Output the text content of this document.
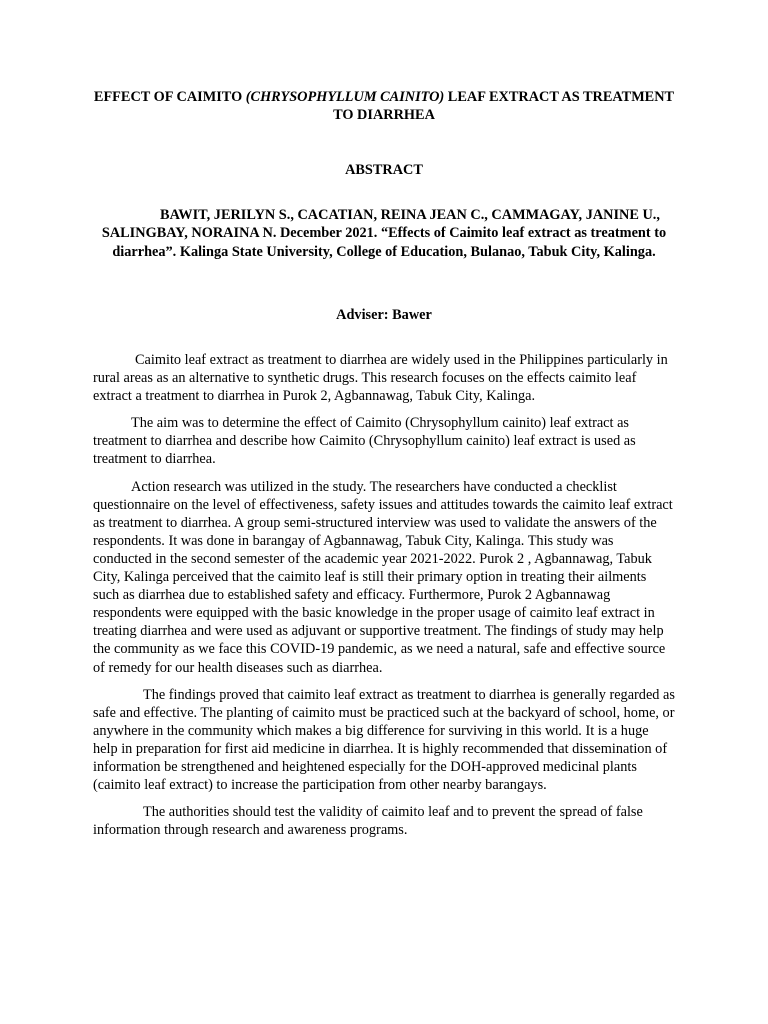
EFFECT OF CAIMITO (CHRYSOPHYLLUM CAINITO) LEAF EXTRACT AS TREATMENT TO DIARRHEA
ABSTRACT

BAWIT, JERILYN S., CACATIAN, REINA JEAN C., CAMMAGAY, JANINE U., SALINGBAY, NORAINA N. December 2021. “Effects of Caimito leaf extract as treatment to diarrhea”. Kalinga State University, College of Education, Bulanao, Tabuk City, Kalinga.

Adviser: Bawer

Caimito leaf extract as treatment to diarrhea are widely used in the Philippines particularly in rural areas as an alternative to synthetic drugs. This research focuses on the effects caimito leaf extract a treatment to diarrhea in Purok 2, Agbannawag, Tabuk City, Kalinga.

The aim was to determine the effect of Caimito (Chrysophyllum cainito) leaf extract as treatment to diarrhea and describe how Caimito (Chrysophyllum cainito) leaf extract is used as treatment to diarrhea.

Action research was utilized in the study. The researchers have conducted a checklist questionnaire on the level of effectiveness, safety issues and attitudes towards the caimito leaf extract as treatment to diarrhea. A group semi-structured interview was used to validate the answers of the respondents. It was done in barangay of Agbannawag, Tabuk City, Kalinga. This study was conducted in the second semester of the academic year 2021-2022. Purok 2 , Agbannawag, Tabuk City, Kalinga perceived that the caimito leaf is still their primary option in treating their ailments such as diarrhea due to established safety and efficacy. Furthermore, Purok 2 Agbannawag respondents were equipped with the basic knowledge in the proper usage of caimito leaf extract in treating diarrhea and were used as adjuvant or supportive treatment. The findings of study may help the community as we face this COVID-19 pandemic, as we need a natural, safe and effective source of remedy for our health diseases such as diarrhea.

The findings proved that caimito leaf extract as treatment to diarrhea is generally regarded as safe and effective. The planting of caimito must be practiced such at the backyard of school, home, or anywhere in the community which makes a big difference for surviving in this world. It is a huge help in preparation for first aid medicine in diarrhea. It is highly recommended that dissemination of information be strengthened and heightened especially for the DOH-approved medicinal plants (caimito leaf extract) to increase the participation from other nearby barangays.

The authorities should test the validity of caimito leaf and to prevent the spread of false information through research and awareness programs.
